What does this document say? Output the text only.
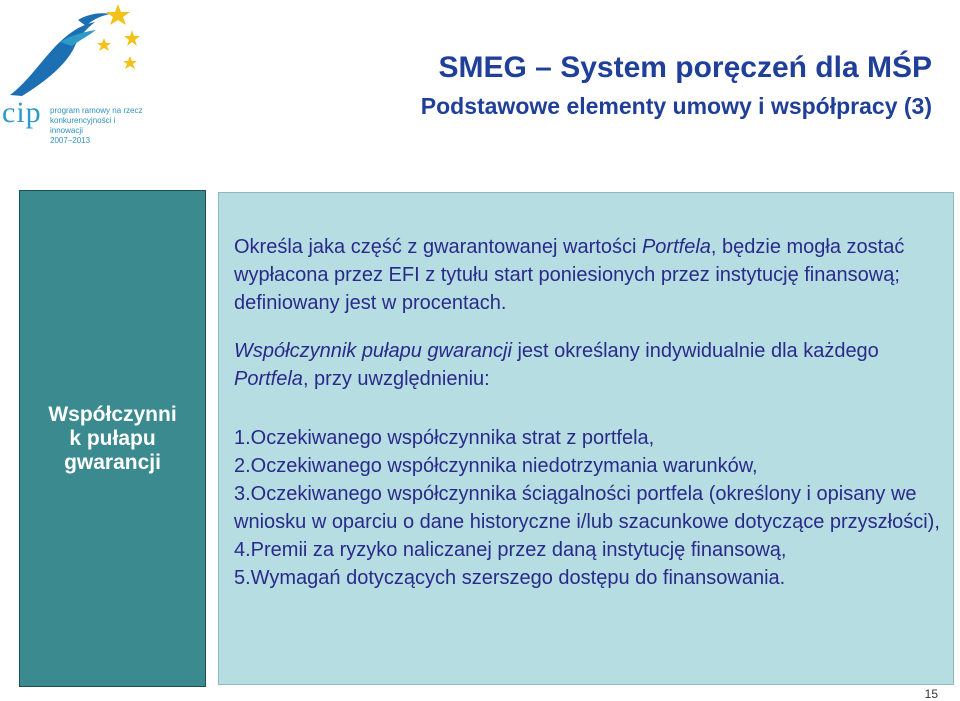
cip program ramowy na rzecz
konkurencyjności i innowacji
2007–2013
SMEG – System poręczeń dla MŚP
Podstawowe elementy umowy i współpracy (3)
Współczynni
k pułapu
gwarancji

Określa jaka część z gwarantowanej wartości Portfela, będzie mogła zostać wypłacona przez EFI z tytułu start poniesionych przez instytucję finansową; definiowany jest w procentach.

Współczynnik pułapu gwarancji jest określany indywidualnie dla każdego Portfela, przy uwzględnieniu:

1.Oczekiwanego współczynnika strat z portfela,
2.Oczekiwanego współczynnika niedotrzymania warunków,
3.Oczekiwanego współczynnika ściągalności portfela (określony i opisany we wniosku w oparciu o dane historyczne i/lub szacunkowe dotyczące przyszłości),
4.Premii za ryzyko naliczanej przez daną instytucję finansową,
5.Wymagań dotyczących szerszego dostępu do finansowania.
15
